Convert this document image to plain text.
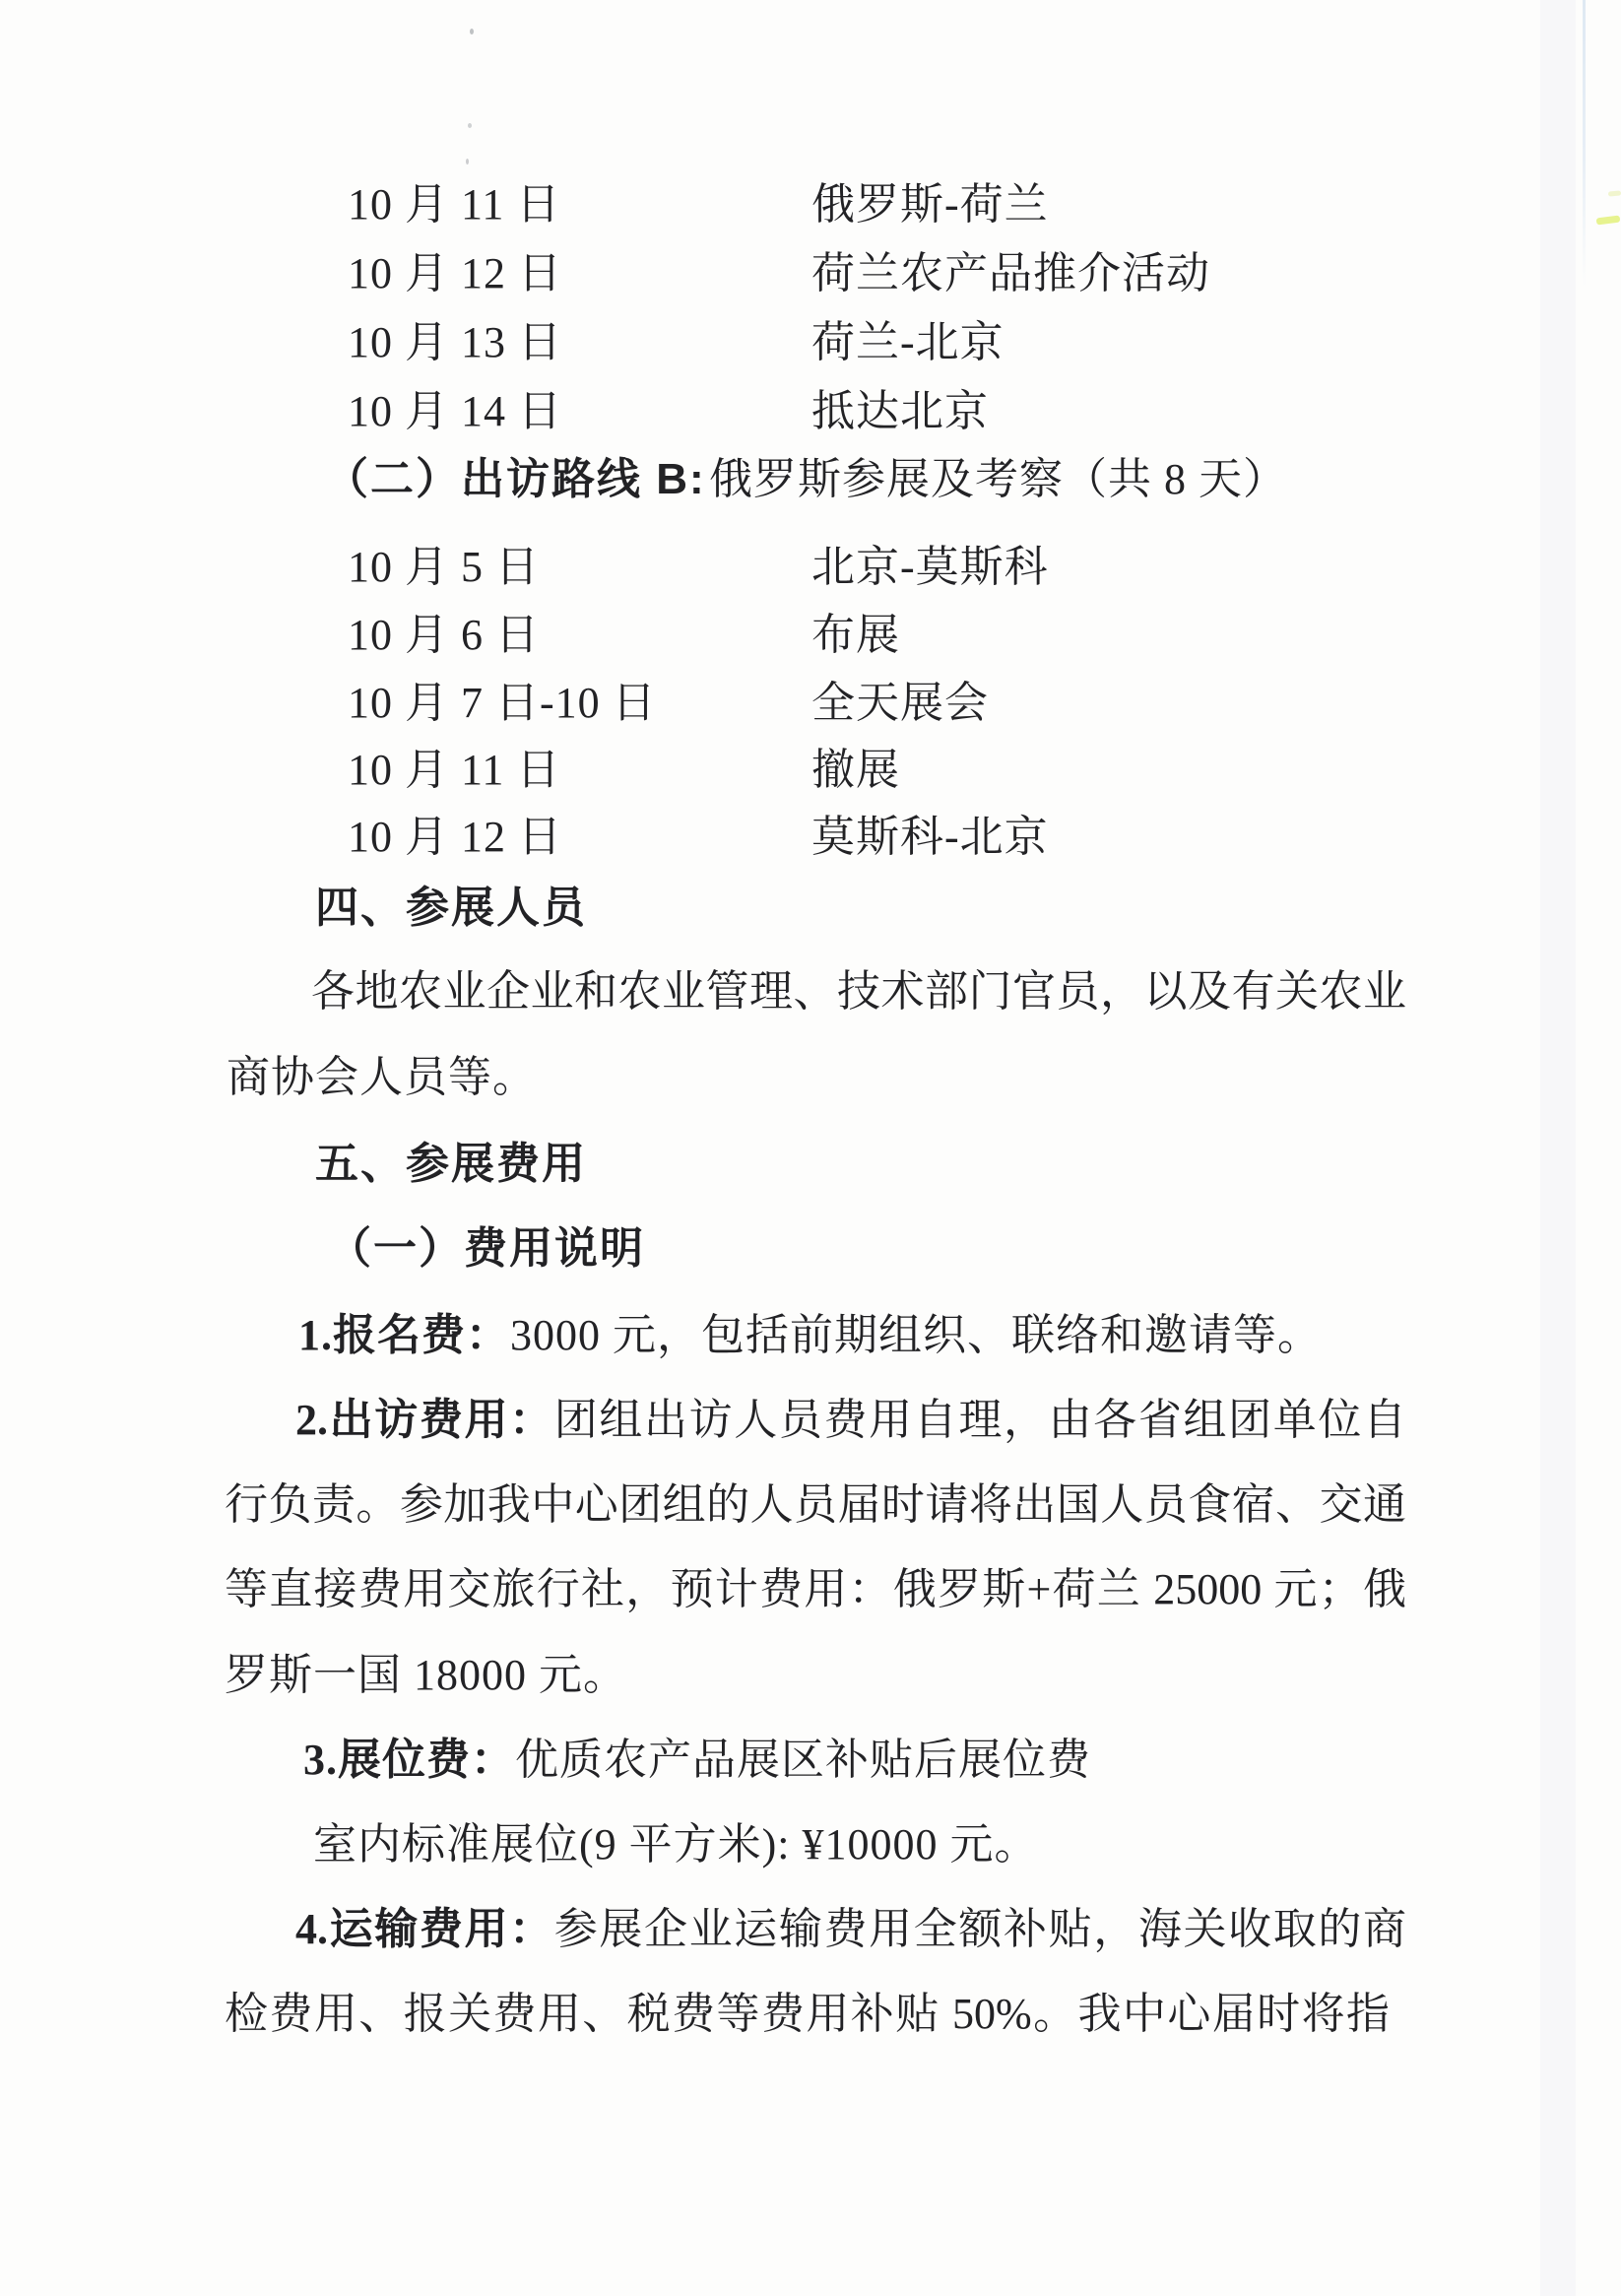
10 月 11 日	俄罗斯-荷兰
10 月 12 日	荷兰农产品推介活动
10 月 13 日	荷兰-北京
10 月 14 日	抵达北京
（二）出访路线 B: 俄罗斯参展及考察（共 8 天）
10 月 5 日	北京-莫斯科
10 月 6 日	布展
10 月 7 日-10 日	全天展会
10 月 11 日	撤展
10 月 12 日	莫斯科-北京
四、参展人员
各地农业企业和农业管理、技术部门官员，以及有关农业
商协会人员等。
五、参展费用
（一）费用说明
1.报名费：3000 元，包括前期组织、联络和邀请等。
2.出访费用：团组出访人员费用自理，由各省组团单位自
行负责。参加我中心团组的人员届时请将出国人员食宿、交通
等直接费用交旅行社，预计费用：俄罗斯+荷兰 25000 元；俄
罗斯一国 18000 元。
3.展位费：优质农产品展区补贴后展位费
室内标准展位(9 平方米): ¥10000 元。
4.运输费用：参展企业运输费用全额补贴，海关收取的商
检费用、报关费用、税费等费用补贴 50%。我中心届时将指
